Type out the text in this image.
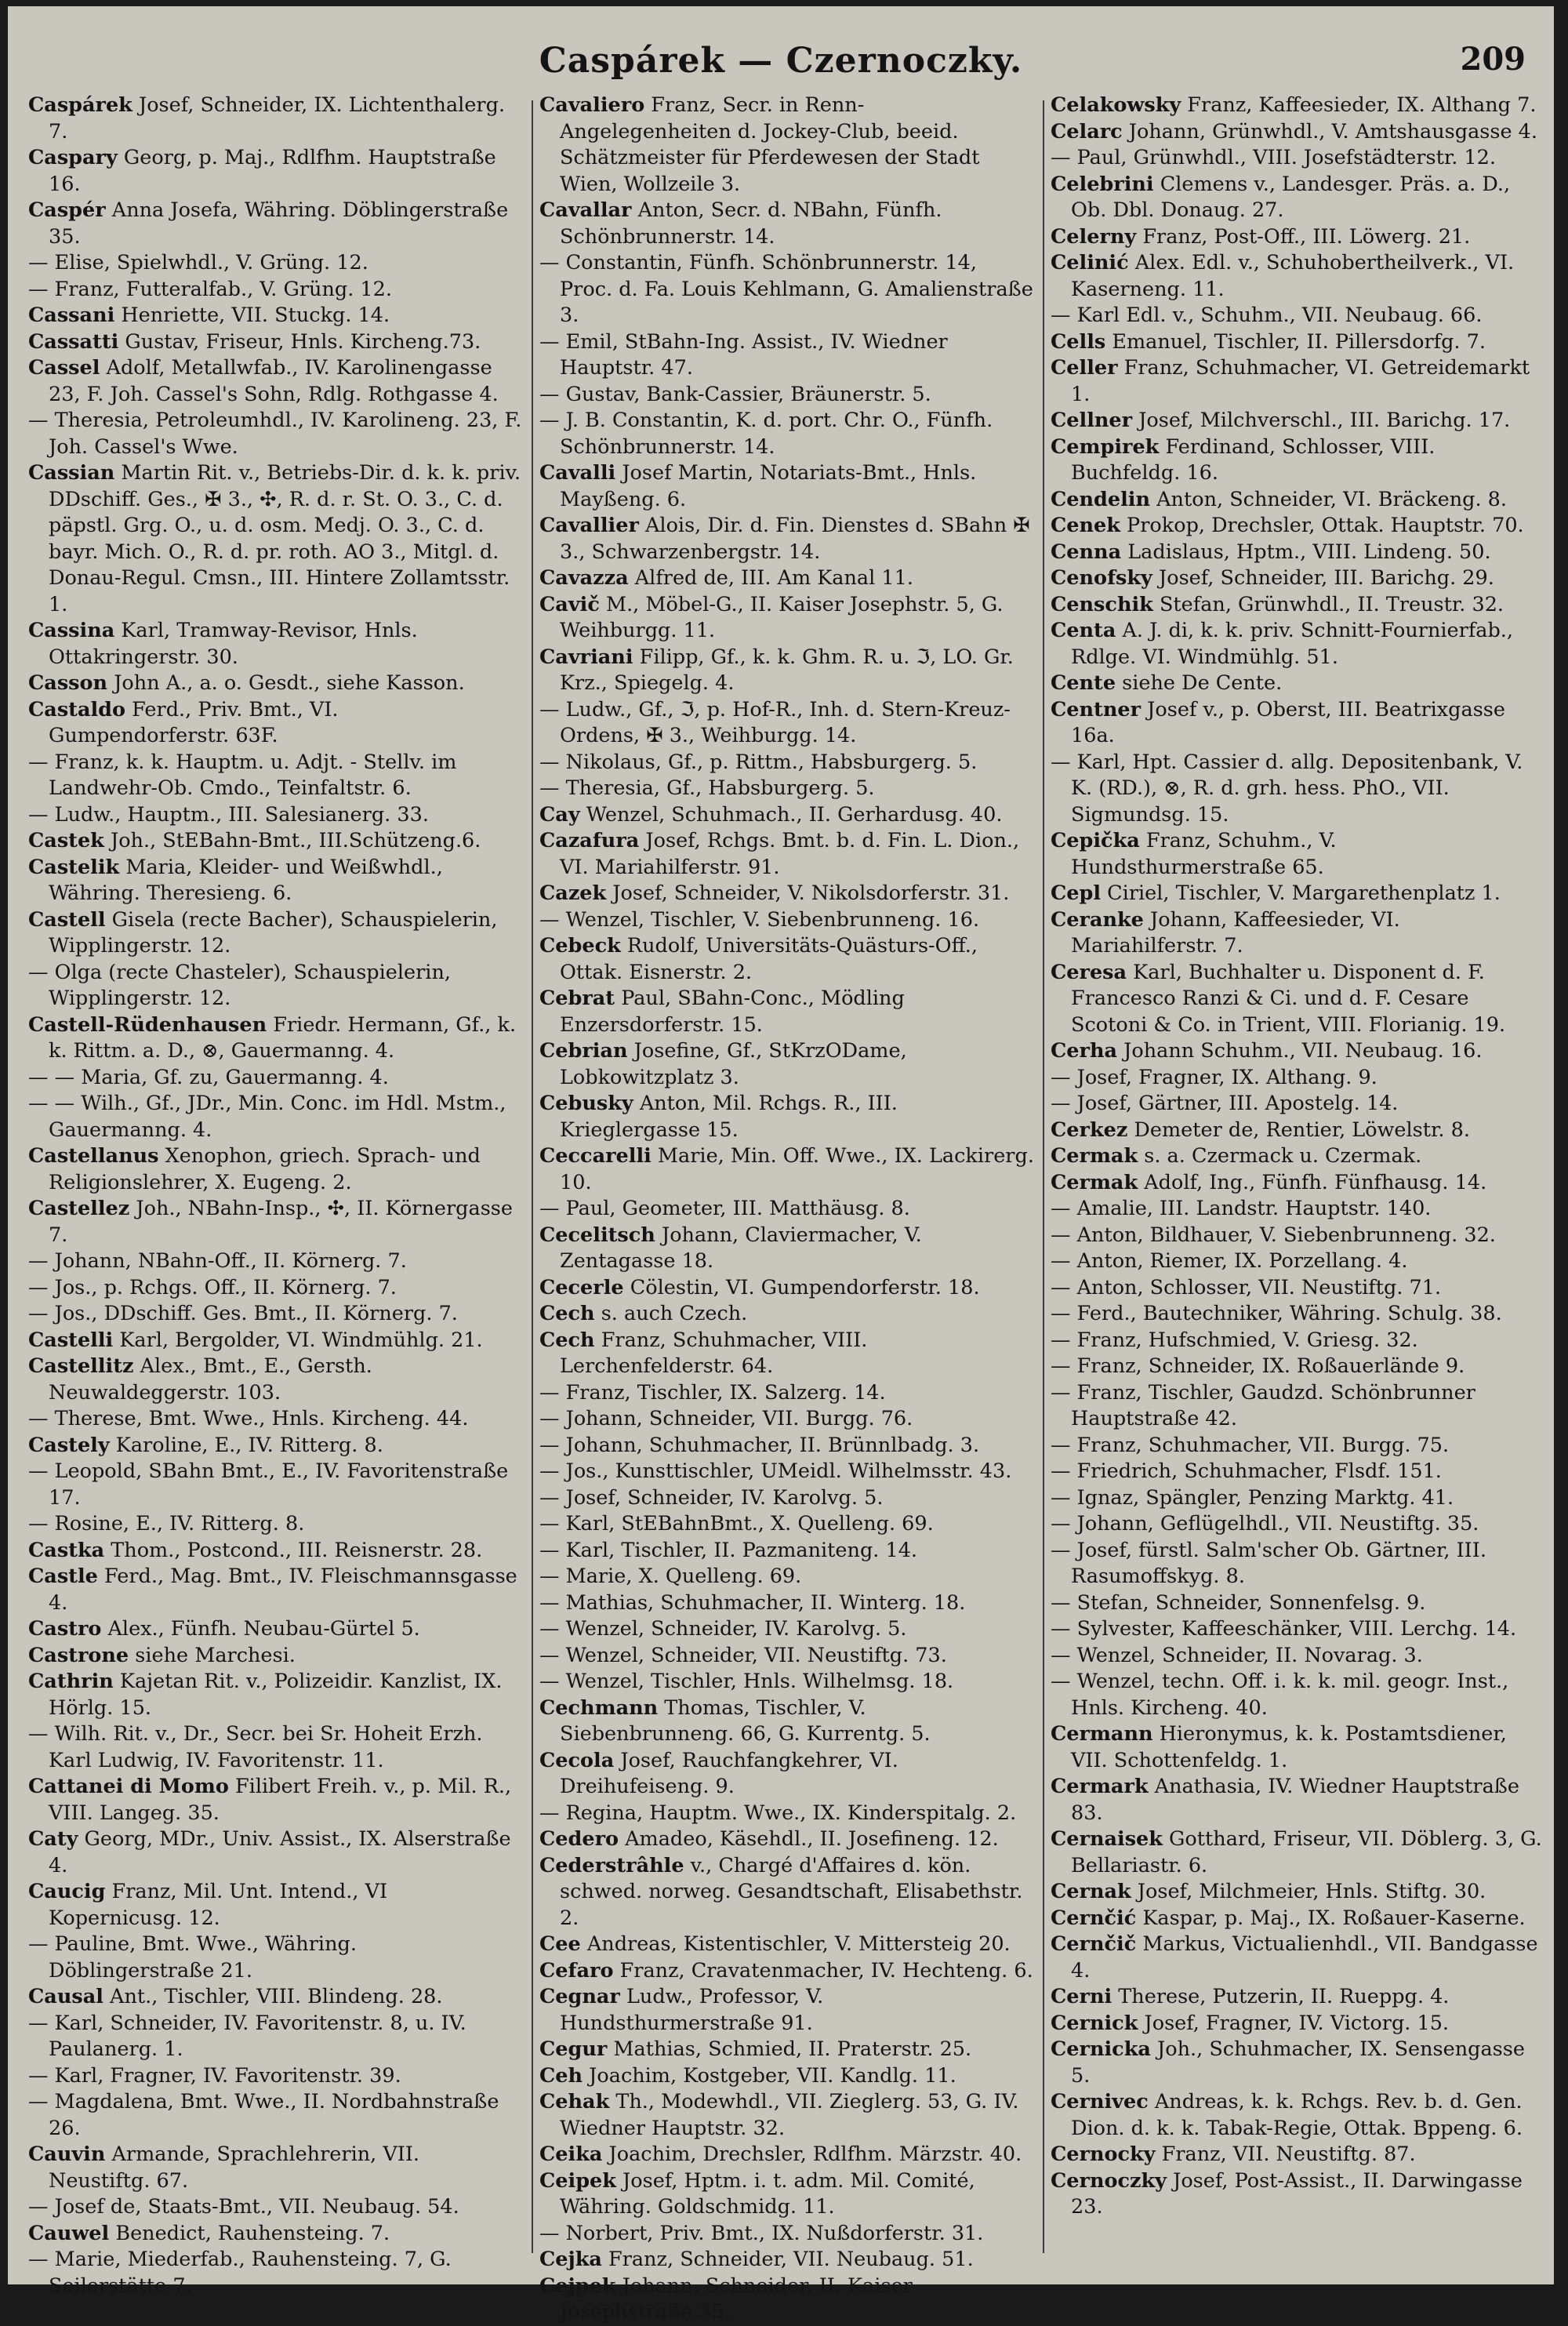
Caspárek — Czernoczky.	209

Caspárek Josef, Schneider, IX. Lichtenthalerg. 7.

Caspary Georg, p. Maj., Rdlfhm. Hauptstraße 16.

Caspér Anna Josefa, Währing. Döblingerstraße 35.

— Elise, Spielwhdl., V. Grüng. 12.

— Franz, Futteralfab., V. Grüng. 12.

Cassani Henriette, VII. Stuckg. 14.

Cassatti Gustav, Friseur, Hnls. Kircheng.73.

Cassel Adolf, Metallwfab., IV. Karolinengasse 23, F. Joh. Cassel's Sohn, Rdlg. Rothgasse 4.

— Theresia, Petroleumhdl., IV. Karolineng. 23, F. Joh. Cassel's Wwe.

Cassian Martin Rit. v., Betriebs-Dir. d. k. k. priv. DDschiff. Ges., ✠ 3., ✣, R. d. r. St. O. 3., C. d. päpstl. Grg. O., u. d. osm. Medj. O. 3., C. d. bayr. Mich. O., R. d. pr. roth. AO 3., Mitgl. d. Donau-Regul. Cmsn., III. Hintere Zollamtsstr. 1.

Cassina Karl, Tramway-Revisor, Hnls. Ottakringerstr. 30.

Casson John A., a. o. Gesdt., siehe Kasson.

Castaldo Ferd., Priv. Bmt., VI. Gumpendorferstr. 63F.

— Franz, k. k. Hauptm. u. Adjt. - Stellv. im Landwehr-Ob. Cmdo., Teinfaltstr. 6.

— Ludw., Hauptm., III. Salesianerg. 33.

Castek Joh., StEBahn-Bmt., III.Schützeng.6.

Castelik Maria, Kleider- und Weißwhdl., Währing. Theresieng. 6.

Castell Gisela (recte Bacher), Schauspielerin, Wipplingerstr. 12.

— Olga (recte Chasteler), Schauspielerin, Wipplingerstr. 12.

Castell-Rüdenhausen Friedr. Hermann, Gf., k. k. Rittm. a. D., ⊗, Gauermanng. 4.

— — Maria, Gf. zu, Gauermanng. 4.

— — Wilh., Gf., JDr., Min. Conc. im Hdl. Mstm., Gauermanng. 4.

Castellanus Xenophon, griech. Sprach- und Religionslehrer, X. Eugeng. 2.

Castellez Joh., NBahn-Insp., ✣, II. Körnergasse 7.

— Johann, NBahn-Off., II. Körnerg. 7.

— Jos., p. Rchgs. Off., II. Körnerg. 7.

— Jos., DDschiff. Ges. Bmt., II. Körnerg. 7.

Castelli Karl, Bergolder, VI. Windmühlg. 21.

Castellitz Alex., Bmt., E., Gersth. Neuwaldeggerstr. 103.

— Therese, Bmt. Wwe., Hnls. Kircheng. 44.

Castely Karoline, E., IV. Ritterg. 8.

— Leopold, SBahn Bmt., E., IV. Favoritenstraße 17.

— Rosine, E., IV. Ritterg. 8.

Castka Thom., Postcond., III. Reisnerstr. 28.

Castle Ferd., Mag. Bmt., IV. Fleischmannsgasse 4.

Castro Alex., Fünfh. Neubau-Gürtel 5.

Castrone siehe Marchesi.

Cathrin Kajetan Rit. v., Polizeidir. Kanzlist, IX. Hörlg. 15.

— Wilh. Rit. v., Dr., Secr. bei Sr. Hoheit Erzh. Karl Ludwig, IV. Favoritenstr. 11.

Cattanei di Momo Filibert Freih. v., p. Mil. R., VIII. Langeg. 35.

Caty Georg, MDr., Univ. Assist., IX. Alserstraße 4.

Caucig Franz, Mil. Unt. Intend., VI Kopernicusg. 12.

— Pauline, Bmt. Wwe., Währing. Döblingerstraße 21.

Causal Ant., Tischler, VIII. Blindeng. 28.

— Karl, Schneider, IV. Favoritenstr. 8, u. IV. Paulanerg. 1.

— Karl, Fragner, IV. Favoritenstr. 39.

— Magdalena, Bmt. Wwe., II. Nordbahnstraße 26.

Cauvin Armande, Sprachlehrerin, VII. Neustiftg. 67.

— Josef de, Staats-Bmt., VII. Neubaug. 54.

Cauwel Benedict, Rauhensteing. 7.

— Marie, Miederfab., Rauhensteing. 7, G. Seilerstätte 7.

Cavaliero Franz, Secr. in Renn-Angelegenheiten d. Jockey-Club, beeid. Schätzmeister für Pferdewesen der Stadt Wien, Wollzeile 3.

Cavallar Anton, Secr. d. NBahn, Fünfh. Schönbrunnerstr. 14.

— Constantin, Fünfh. Schönbrunnerstr. 14, Proc. d. Fa. Louis Kehlmann, G. Amalienstraße 3.

— Emil, StBahn-Ing. Assist., IV. Wiedner Hauptstr. 47.

— Gustav, Bank-Cassier, Bräunerstr. 5.

— J. B. Constantin, K. d. port. Chr. O., Fünfh. Schönbrunnerstr. 14.

Cavalli Josef Martin, Notariats-Bmt., Hnls. Mayßeng. 6.

Cavallier Alois, Dir. d. Fin. Dienstes d. SBahn ✠ 3., Schwarzenbergstr. 14.

Cavazza Alfred de, III. Am Kanal 11.

Cavič M., Möbel-G., II. Kaiser Josephstr. 5, G. Weihburgg. 11.

Cavriani Filipp, Gf., k. k. Ghm. R. u. ℑ, LO. Gr. Krz., Spiegelg. 4.

— Ludw., Gf., ℑ, p. Hof-R., Inh. d. Stern-Kreuz-Ordens, ✠ 3., Weihburgg. 14.

— Nikolaus, Gf., p. Rittm., Habsburgerg. 5.

— Theresia, Gf., Habsburgerg. 5.

Cay Wenzel, Schuhmach., II. Gerhardusg. 40.

Cazafura Josef, Rchgs. Bmt. b. d. Fin. L. Dion., VI. Mariahilferstr. 91.

Cazek Josef, Schneider, V. Nikolsdorferstr. 31.

— Wenzel, Tischler, V. Siebenbrunneng. 16.

Cebeck Rudolf, Universitäts-Quästurs-Off., Ottak. Eisnerstr. 2.

Cebrat Paul, SBahn-Conc., Mödling Enzersdorferstr. 15.

Cebrian Josefine, Gf., StKrzODame, Lobkowitzplatz 3.

Cebusky Anton, Mil. Rchgs. R., III. Krieglergasse 15.

Ceccarelli Marie, Min. Off. Wwe., IX. Lackirerg. 10.

— Paul, Geometer, III. Matthäusg. 8.

Cecelitsch Johann, Claviermacher, V. Zentagasse 18.

Cecerle Cölestin, VI. Gumpendorferstr. 18.

Cech s. auch Czech.

Cech Franz, Schuhmacher, VIII. Lerchenfelderstr. 64.

— Franz, Tischler, IX. Salzerg. 14.

— Johann, Schneider, VII. Burgg. 76.

— Johann, Schuhmacher, II. Brünnlbadg. 3.

— Jos., Kunsttischler, UMeidl. Wilhelmsstr. 43.

— Josef, Schneider, IV. Karolvg. 5.

— Karl, StEBahnBmt., X. Quelleng. 69.

— Karl, Tischler, II. Pazmaniteng. 14.

— Marie, X. Quelleng. 69.

— Mathias, Schuhmacher, II. Winterg. 18.

— Wenzel, Schneider, IV. Karolvg. 5.

— Wenzel, Schneider, VII. Neustiftg. 73.

— Wenzel, Tischler, Hnls. Wilhelmsg. 18.

Cechmann Thomas, Tischler, V. Siebenbrunneng. 66, G. Kurrentg. 5.

Cecola Josef, Rauchfangkehrer, VI. Dreihufeiseng. 9.

— Regina, Hauptm. Wwe., IX. Kinderspitalg. 2.

Cedero Amadeo, Käsehdl., II. Josefineng. 12.

Cederstrâhle v., Chargé d'Affaires d. kön. schwed. norweg. Gesandtschaft, Elisabethstr. 2.

Cee Andreas, Kistentischler, V. Mittersteig 20.

Cefaro Franz, Cravatenmacher, IV. Hechteng. 6.

Cegnar Ludw., Professor, V. Hundsthurmerstraße 91.

Cegur Mathias, Schmied, II. Praterstr. 25.

Ceh Joachim, Kostgeber, VII. Kandlg. 11.

Cehak Th., Modewhdl., VII. Zieglerg. 53, G. IV. Wiedner Hauptstr. 32.

Ceika Joachim, Drechsler, Rdlfhm. Märzstr. 40.

Ceipek Josef, Hptm. i. t. adm. Mil. Comité, Währing. Goldschmidg. 11.

— Norbert, Priv. Bmt., IX. Nußdorferstr. 31.

Cejka Franz, Schneider, VII. Neubaug. 51.

Cejpek Johann, Schneider, II. Kaiser Josephstraße 35.

Celakowsky Franz, Kaffeesieder, IX. Althang 7.

Celarc Johann, Grünwhdl., V. Amtshausgasse 4.

— Paul, Grünwhdl., VIII. Josefstädterstr. 12.

Celebrini Clemens v., Landesger. Präs. a. D., Ob. Dbl. Donaug. 27.

Celerny Franz, Post-Off., III. Löwerg. 21.

Celinić Alex. Edl. v., Schuhobertheilverk., VI. Kaserneng. 11.

— Karl Edl. v., Schuhm., VII. Neubaug. 66.

Cells Emanuel, Tischler, II. Pillersdorfg. 7.

Celler Franz, Schuhmacher, VI. Getreidemarkt 1.

Cellner Josef, Milchverschl., III. Barichg. 17.

Cempirek Ferdinand, Schlosser, VIII. Buchfeldg. 16.

Cendelin Anton, Schneider, VI. Bräckeng. 8.

Cenek Prokop, Drechsler, Ottak. Hauptstr. 70.

Cenna Ladislaus, Hptm., VIII. Lindeng. 50.

Cenofsky Josef, Schneider, III. Barichg. 29.

Censchik Stefan, Grünwhdl., II. Treustr. 32.

Centa A. J. di, k. k. priv. Schnitt-Fournierfab., Rdlge. VI. Windmühlg. 51.

Cente siehe De Cente.

Centner Josef v., p. Oberst, III. Beatrixgasse 16a.

— Karl, Hpt. Cassier d. allg. Depositenbank, V. K. (RD.), ⊗, R. d. grh. hess. PhO., VII. Sigmundsg. 15.

Cepička Franz, Schuhm., V. Hundsthurmerstraße 65.

Cepl Ciriel, Tischler, V. Margarethenplatz 1.

Ceranke Johann, Kaffeesieder, VI. Mariahilferstr. 7.

Ceresa Karl, Buchhalter u. Disponent d. F. Francesco Ranzi & Ci. und d. F. Cesare Scotoni & Co. in Trient, VIII. Florianig. 19.

Cerha Johann Schuhm., VII. Neubaug. 16.

— Josef, Fragner, IX. Althang. 9.

— Josef, Gärtner, III. Apostelg. 14.

Cerkez Demeter de, Rentier, Löwelstr. 8.

Cermak s. a. Czermack u. Czermak.

Cermak Adolf, Ing., Fünfh. Fünfhausg. 14.

— Amalie, III. Landstr. Hauptstr. 140.

— Anton, Bildhauer, V. Siebenbrunneng. 32.

— Anton, Riemer, IX. Porzellang. 4.

— Anton, Schlosser, VII. Neustiftg. 71.

— Ferd., Bautechniker, Währing. Schulg. 38.

— Franz, Hufschmied, V. Griesg. 32.

— Franz, Schneider, IX. Roßauerlände 9.

— Franz, Tischler, Gaudzd. Schönbrunner Hauptstraße 42.

— Franz, Schuhmacher, VII. Burgg. 75.

— Friedrich, Schuhmacher, Flsdf. 151.

— Ignaz, Spängler, Penzing Marktg. 41.

— Johann, Geflügelhdl., VII. Neustiftg. 35.

— Josef, fürstl. Salm'scher Ob. Gärtner, III. Rasumoffskyg. 8.

— Stefan, Schneider, Sonnenfelsg. 9.

— Sylvester, Kaffeeschänker, VIII. Lerchg. 14.

— Wenzel, Schneider, II. Novarag. 3.

— Wenzel, techn. Off. i. k. k. mil. geogr. Inst., Hnls. Kircheng. 40.

Cermann Hieronymus, k. k. Postamtsdiener, VII. Schottenfeldg. 1.

Cermark Anathasia, IV. Wiedner Hauptstraße 83.

Cernaisek Gotthard, Friseur, VII. Döblerg. 3, G. Bellariastr. 6.

Cernak Josef, Milchmeier, Hnls. Stiftg. 30.

Cernčić Kaspar, p. Maj., IX. Roßauer-Kaserne.

Cernčič Markus, Victualienhdl., VII. Bandgasse 4.

Cerni Therese, Putzerin, II. Rueppg. 4.

Cernick Josef, Fragner, IV. Victorg. 15.

Cernicka Joh., Schuhmacher, IX. Sensengasse 5.

Cernivec Andreas, k. k. Rchgs. Rev. b. d. Gen. Dion. d. k. k. Tabak-Regie, Ottak. Bppeng. 6.

Cernocky Franz, VII. Neustiftg. 87.

Cernoczky Josef, Post-Assist., II. Darwingasse 23.
